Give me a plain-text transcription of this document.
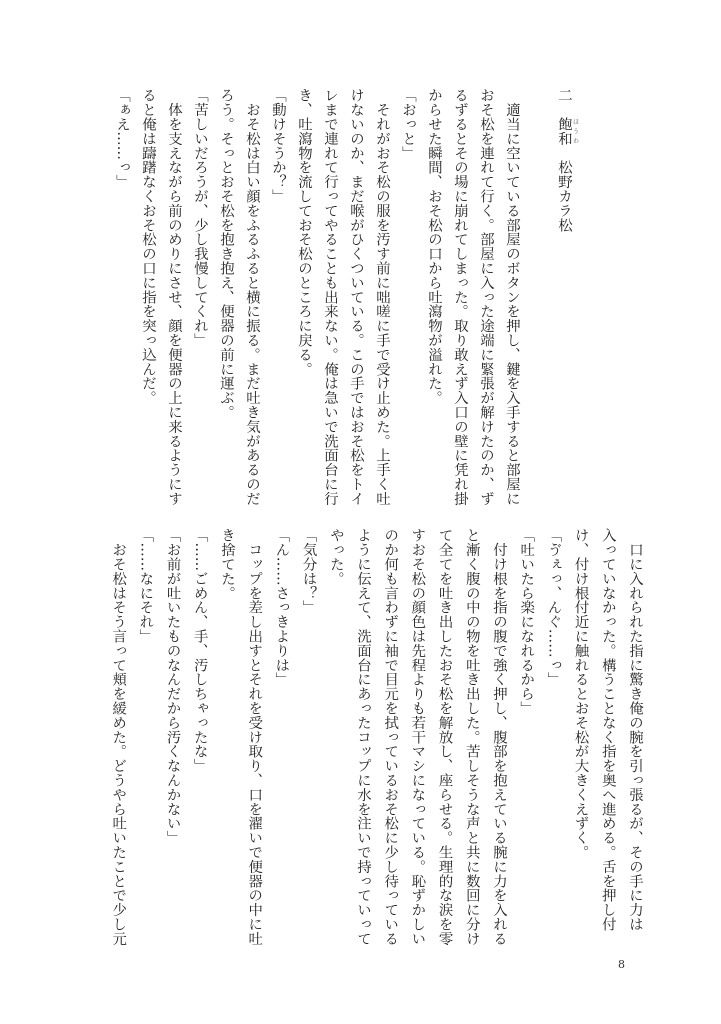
二　飽和 ほうわ　松野カラ松
　適当に空いている部屋のボタンを押し、鍵を入手すると部屋に
おそ松を連れて行く。部屋に入った途端に緊張が解けたのか、ず
るずるとその場に崩れてしまった。取り敢えず入口の壁に凭れ掛
からせた瞬間、おそ松の口から吐瀉物が溢れた。
「おっと」
　それがおそ松の服を汚す前に咄嗟に手で受け止めた。上手く吐
けないのか、まだ喉がひくついている。この手ではおそ松をトイ
レまで連れて行ってやることも出来ない。俺は急いで洗面台に行
き、吐瀉物を流しておそ松のところに戻る。
「動けそうか？」
　おそ松は白い顔をふるふると横に振る。まだ吐き気があるのだ
ろう。そっとおそ松を抱き抱え、便器の前に運ぶ。
「苦しいだろうが、少し我慢してくれ」
　体を支えながら前のめりにさせ、顔を便器の上に来るようにす
ると俺は躊躇なくおそ松の口に指を突っ込んだ。
「ぁえ……っ」
　口に入れられた指に驚き俺の腕を引っ張るが、その手に力は
入っていなかった。構うことなく指を奥へ進める。舌を押し付
け、付け根付近に触れるとおそ松が大きくえずく。
「ゔぇっ、んぐ……っ」
「吐いたら楽になれるから」
　付け根を指の腹で強く押し、腹部を抱えている腕に力を入れる
と漸く腹の中の物を吐き出した。苦しそうな声と共に数回に分け
て全てを吐き出したおそ松を解放し、座らせる。生理的な涙を零
すおそ松の顔色は先程よりも若干マシになっている。恥ずかしい
のか何も言わずに袖で目元を拭っているおそ松に少し待っている
ように伝えて、洗面台にあったコップに水を注いで持っていって
やった。
「気分は？」
「ん……さっきよりは」
　コップを差し出すとそれを受け取り、口を濯いで便器の中に吐
き捨てた。
「……ごめん、手、汚しちゃったな」
「お前が吐いたものなんだから汚くなんかない」
「……なにそれ」
　おそ松はそう言って頬を緩めた。どうやら吐いたことで少し元
8
